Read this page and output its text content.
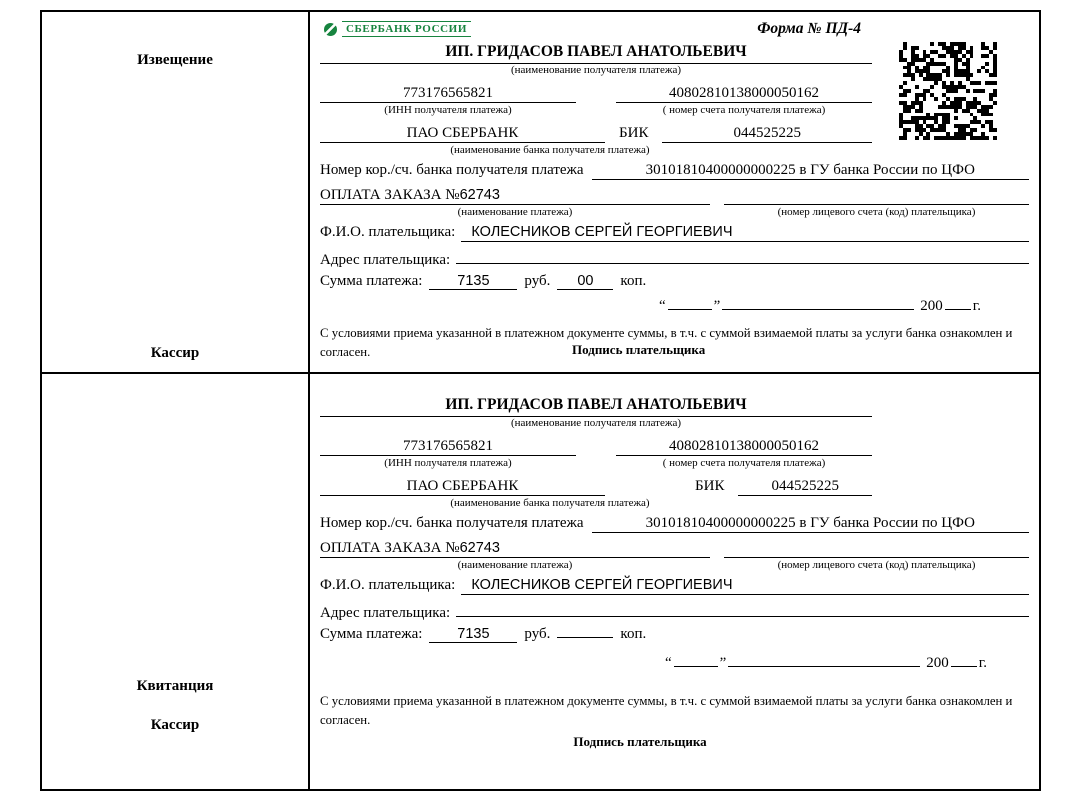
Извещение
Кассир
СБЕРБАНК РОССИИ	Форма № ПД-4
ИП. ГРИДАСОВ ПАВЕЛ АНАТОЛЬЕВИЧ
(наименование получателя платежа)
773176565821	40802810138000050162
(ИНН получателя платежа)	( номер счета получателя платежа)
ПАО СБЕРБАНК	БИК	044525225
(наименование банка получателя платежа)
Номер кор./сч. банка получателя платежа	30101810400000000225 в ГУ банка России по ЦФО
ОПЛАТА ЗАКАЗА №62743
(наименование платежа)	(номер лицевого счета (код) плательщика)
Ф.И.О. плательщика:	КОЛЕСНИКОВ СЕРГЕЙ ГЕОРГИЕВИЧ
Адрес плательщика:
Сумма платежа:	7135	руб.	00	коп.
“	”	200 г.
С условиями приема указанной в платежном документе суммы, в т.ч. с суммой взимаемой платы за услуги банка ознакомлен и согласен.	Подпись плательщика
Квитанция
Кассир
ИП. ГРИДАСОВ ПАВЕЛ АНАТОЛЬЕВИЧ
(наименование получателя платежа)
773176565821	40802810138000050162
(ИНН получателя платежа)	( номер счета получателя платежа)
ПАО СБЕРБАНК	БИК	044525225
(наименование банка получателя платежа)
Номер кор./сч. банка получателя платежа	30101810400000000225 в ГУ банка России по ЦФО
ОПЛАТА ЗАКАЗА №62743
(наименование платежа)	(номер лицевого счета (код) плательщика)
Ф.И.О. плательщика:	КОЛЕСНИКОВ СЕРГЕЙ ГЕОРГИЕВИЧ
Адрес плательщика:
Сумма платежа:	7135	руб.	коп.
“	”	200 г.
С условиями приема указанной в платежном документе суммы, в т.ч. с суммой взимаемой платы за услуги банка ознакомлен и согласен.
Подпись плательщика
